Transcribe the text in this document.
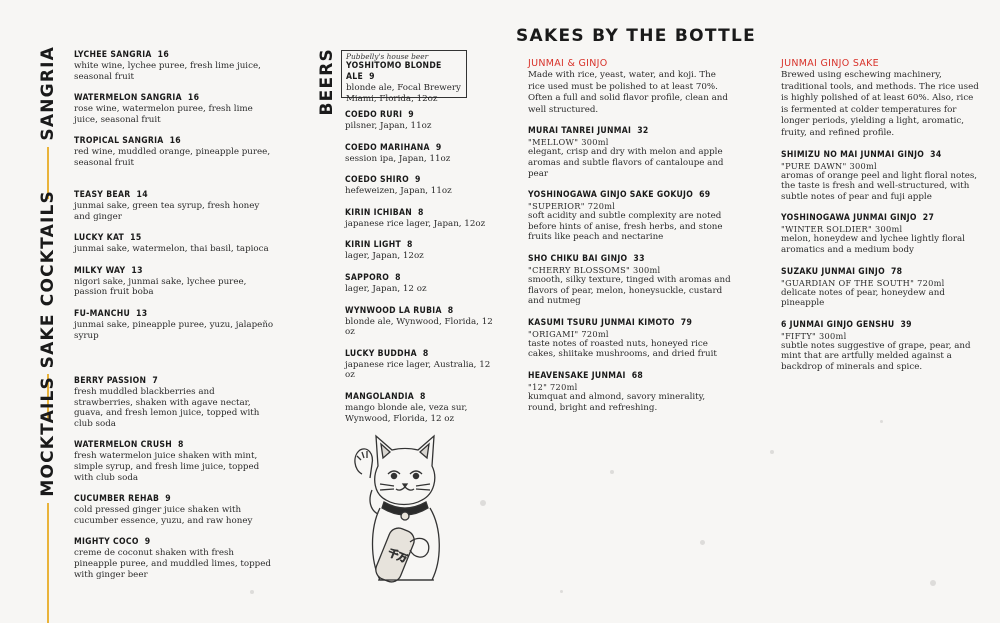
SANGRIA
SAKE COCKTAILS
MOCKTAILS
LYCHEE SANGRIA 16
white wine, lychee puree, fresh lime juice, seasonal fruit
WATERMELON SANGRIA 16
rose wine, watermelon puree, fresh lime juice, seasonal fruit
TROPICAL SANGRIA 16
red wine, muddled orange, pineapple puree, seasonal fruit
TEASY BEAR 14
junmai sake, green tea syrup, fresh honey and ginger
LUCKY KAT 15
junmai sake, watermelon, thai basil, tapioca
MILKY WAY 13
nigori sake, junmai sake, lychee puree, passion fruit boba
FU-MANCHU 13
junmai sake, pineapple puree, yuzu, jalapeño syrup
BERRY PASSION 7
fresh muddled blackberries and strawberries, shaken with agave nectar, guava, and fresh lemon juice, topped with club soda
WATERMELON CRUSH 8
fresh watermelon juice shaken with mint, simple syrup, and fresh lime juice, topped with club soda
CUCUMBER REHAB 9
cold pressed ginger juice shaken with cucumber essence, yuzu, and raw honey
MIGHTY COCO 9
creme de coconut shaken with fresh pineapple puree, and muddled limes, topped with ginger beer
BEERS Pubbelly's house beer
YOSHITOMO BLONDE ALE 9
blonde ale, Focal Brewery Miami, Florida, 12oz
COEDO RURI 9
pilsner, Japan, 11oz
COEDO MARIHANA 9
session ipa, Japan, 11oz
COEDO SHIRO 9
hefeweizen, Japan, 11oz
KIRIN ICHIBAN 8
japanese rice lager, Japan, 12oz
KIRIN LIGHT 8
lager, Japan, 12oz
SAPPORO 8
lager, Japan, 12 oz
WYNWOOD LA RUBIA 8
blonde ale, Wynwood, Florida, 12 oz
LUCKY BUDDHA 8
japanese rice lager, Australia, 12 oz
MANGOLANDIA 8
mango blonde ale, veza sur, Wynwood, Florida, 12 oz
千万
SAKES BY THE BOTTLE
JUNMAI & GINJO
Made with rice, yeast, water, and koji. The rice used must be polished to at least 70%. Often a full and solid flavor profile, clean and well structured.
MURAI TANREI JUNMAI 32
"MELLOW" 300ml
elegant, crisp and dry with melon and apple aromas and subtle flavors of cantaloupe and pear
YOSHINOGAWA GINJO SAKE GOKUJO 69
"SUPERIOR" 720ml
soft acidity and subtle complexity are noted before hints of anise, fresh herbs, and stone fruits like peach and nectarine
SHO CHIKU BAI GINJO 33
"CHERRY BLOSSOMS" 300ml
smooth, silky texture, tinged with aromas and flavors of pear, melon, honeysuckle, custard and nutmeg
KASUMI TSURU JUNMAI KIMOTO 79
"ORIGAMI" 720ml
taste notes of roasted nuts, honeyed rice cakes, shiitake mushrooms, and dried fruit
HEAVENSAKE JUNMAI 68
"12" 720ml
kumquat and almond, savory minerality, round, bright and refreshing.
JUNMAI GINJO SAKE
Brewed using eschewing machinery, traditional tools, and methods. The rice used is highly polished of at least 60%. Also, rice is fermented at colder temperatures for longer periods, yielding a light, aromatic, fruity, and refined profile.
SHIMIZU NO MAI JUNMAI GINJO 34
"PURE DAWN" 300ml
aromas of orange peel and light floral notes, the taste is fresh and well-structured, with subtle notes of pear and fuji apple
YOSHINOGAWA JUNMAI GINJO 27
"WINTER SOLDIER" 300ml
melon, honeydew and lychee lightly floral aromatics and a medium body
SUZAKU JUNMAI GINJO 78
"GUARDIAN OF THE SOUTH" 720ml
delicate notes of pear, honeydew and pineapple
6 JUNMAI GINJO GENSHU 39
"FIFTY" 300ml
subtle notes suggestive of grape, pear, and mint that are artfully melded against a backdrop of minerals and spice.
